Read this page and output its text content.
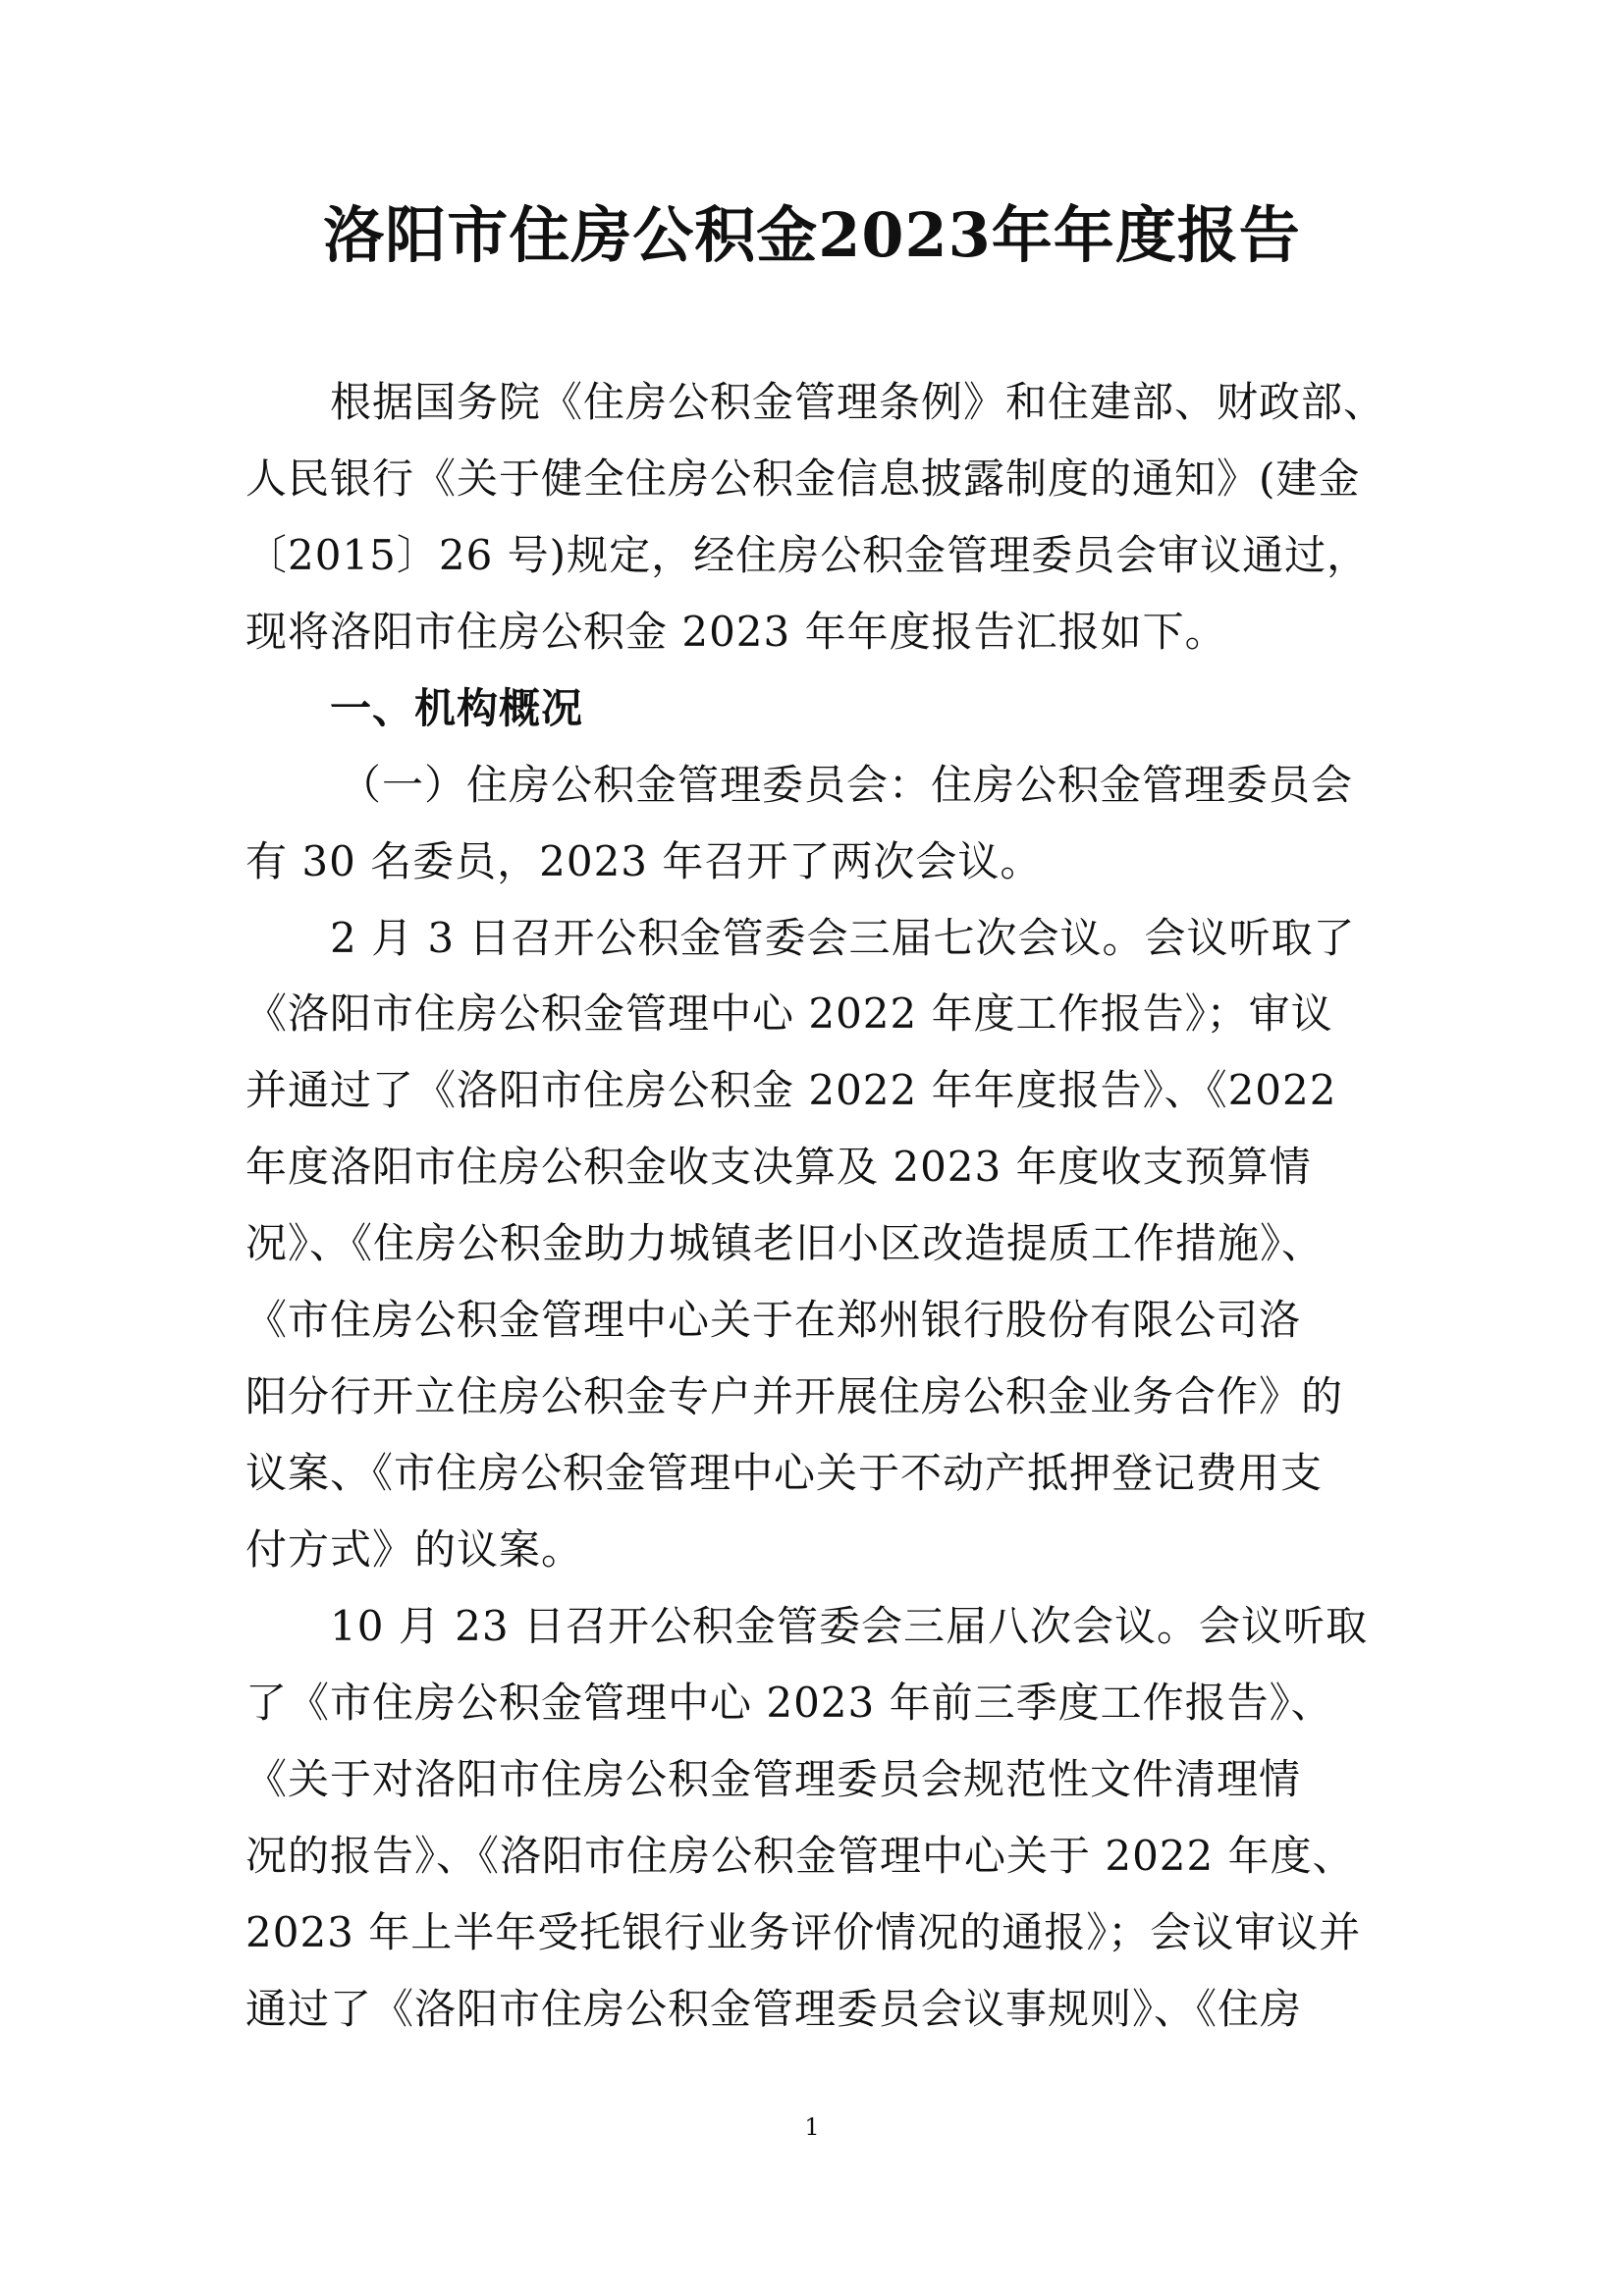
洛阳市住房公积金2023年年度报告
根据国务院《住房公积金管理条例》和住建部、财政部、
人民银行《关于健全住房公积金信息披露制度的通知》(建金
〔2015〕26 号)规定，经住房公积金管理委员会审议通过，
现将洛阳市住房公积金 2023 年年度报告汇报如下。
一、机构概况
（一）住房公积金管理委员会：住房公积金管理委员会
有 30 名委员，2023 年召开了两次会议。
2 月 3 日召开公积金管委会三届七次会议。会议听取了
《洛阳市住房公积金管理中心 2022 年度工作报告》；审议
并通过了《洛阳市住房公积金 2022 年年度报告》、《2022
年度洛阳市住房公积金收支决算及 2023 年度收支预算情
况》、《住房公积金助力城镇老旧小区改造提质工作措施》、
《市住房公积金管理中心关于在郑州银行股份有限公司洛
阳分行开立住房公积金专户并开展住房公积金业务合作》的
议案、《市住房公积金管理中心关于不动产抵押登记费用支
付方式》的议案。
10 月 23 日召开公积金管委会三届八次会议。会议听取
了《市住房公积金管理中心 2023 年前三季度工作报告》、
《关于对洛阳市住房公积金管理委员会规范性文件清理情
况的报告》、《洛阳市住房公积金管理中心关于 2022 年度、
2023 年上半年受托银行业务评价情况的通报》；会议审议并
通过了《洛阳市住房公积金管理委员会议事规则》、《住房
1
